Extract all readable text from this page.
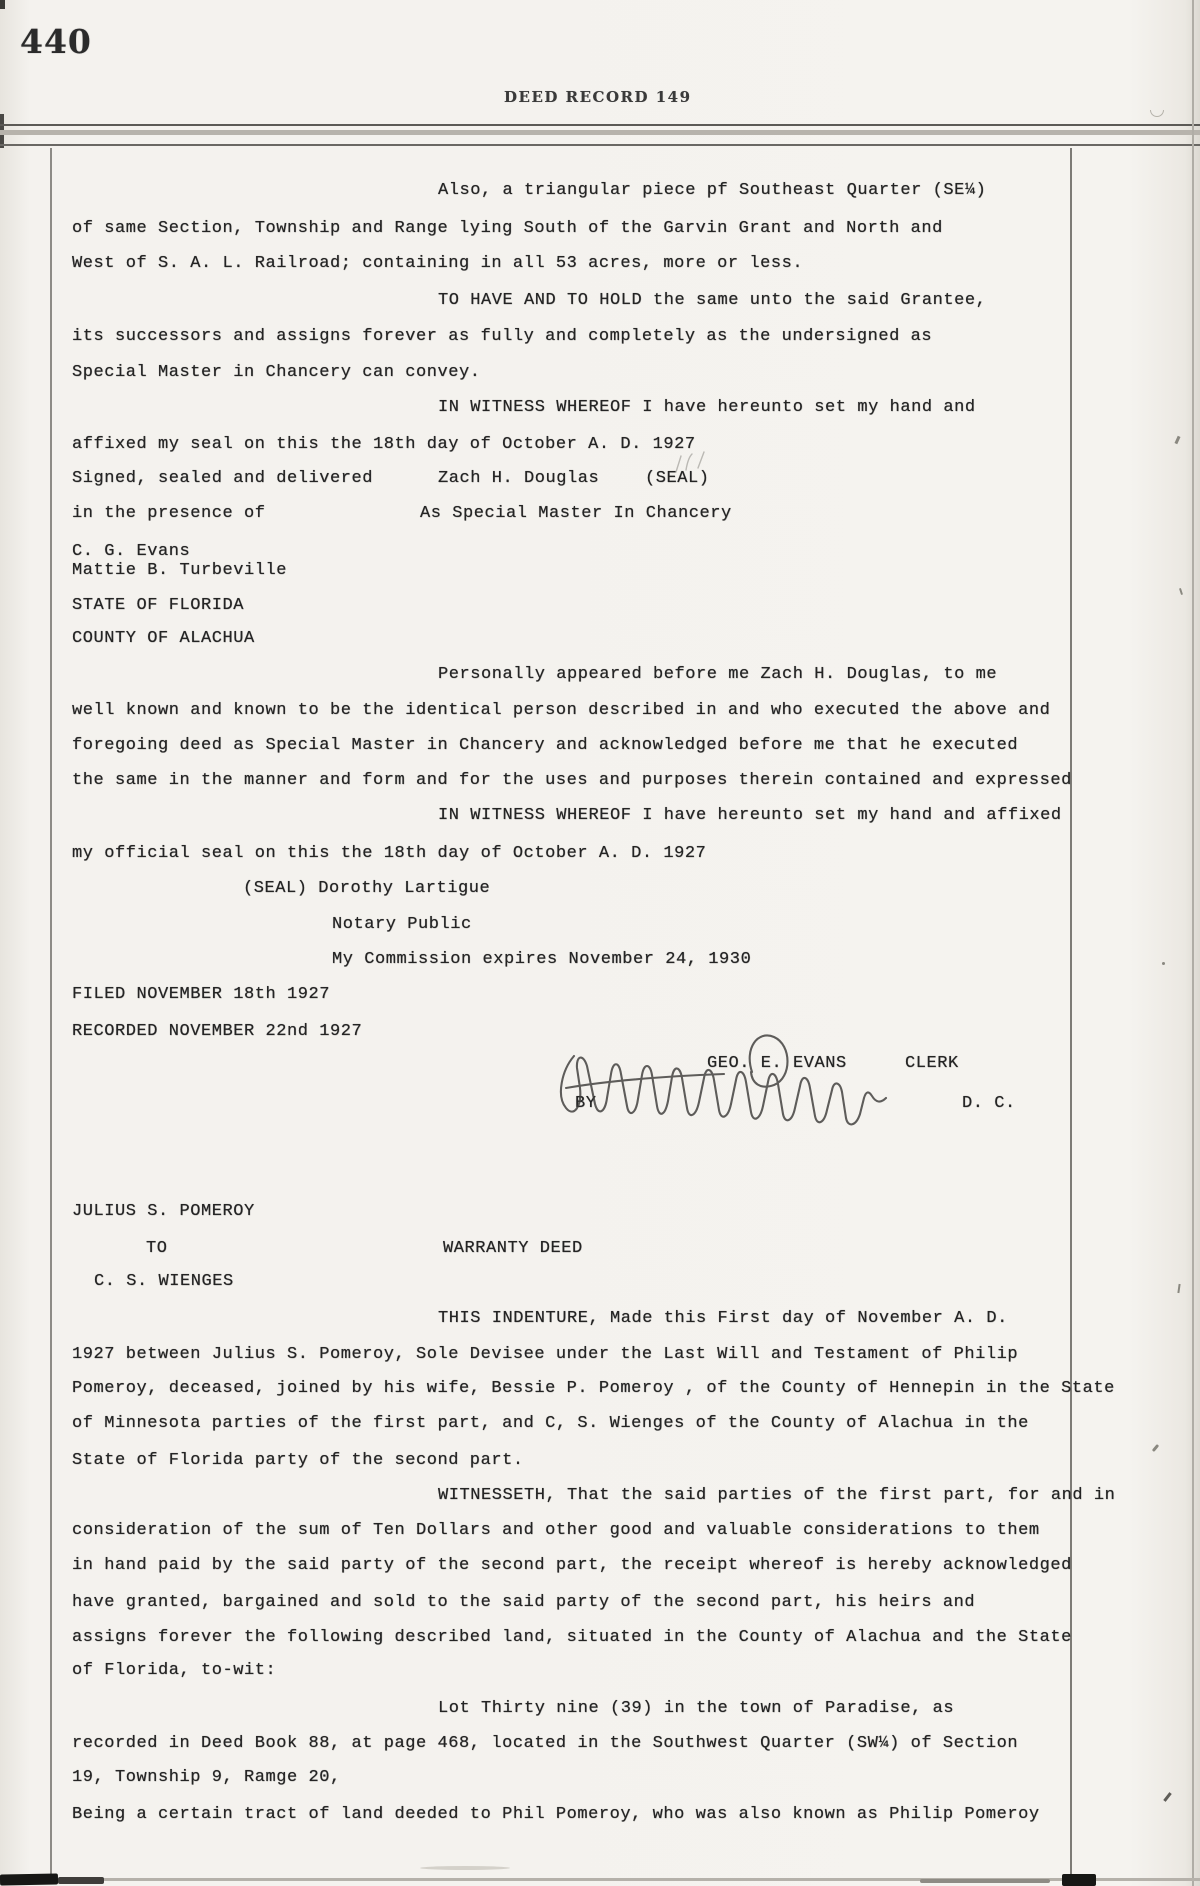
440
DEED RECORD 149
Also, a triangular piece pf Southeast Quarter (SE¼)
of same Section, Township and Range lying South of the Garvin Grant and North and
West of S. A. L. Railroad; containing in all 53 acres, more or less.
TO HAVE AND TO HOLD the same unto the said Grantee,
its successors and assigns forever as fully and completely as the undersigned as
Special Master in Chancery can convey.
IN WITNESS WHEREOF I have hereunto set my hand and
affixed my seal on this the 18th day of October A. D. 1927
Signed, sealed and delivered	Zach H. Douglas	(SEAL)
in the presence of	As Special Master In Chancery
C. G. Evans
Mattie B. Turbeville
STATE OF FLORIDA
COUNTY OF ALACHUA
Personally appeared before me Zach H. Douglas, to me
well known and known to be the identical person described in and who executed the above and
foregoing deed as Special Master in Chancery and acknowledged before me that he executed
the same in the manner and form and for the uses and purposes therein contained and expressed
IN WITNESS WHEREOF I have hereunto set my hand and affixed
my official seal on this the 18th day of October A. D. 1927
(SEAL) Dorothy Lartigue
Notary Public
My Commission expires November 24, 1930
FILED NOVEMBER 18th 1927
RECORDED NOVEMBER 22nd 1927
GEO. E. EVANS	CLERK
BY	D. C.
JULIUS S. POMEROY
TO	WARRANTY DEED
C. S. WIENGES
THIS INDENTURE, Made this First day of November A. D.
1927 between Julius S. Pomeroy, Sole Devisee under the Last Will and Testament of Philip
Pomeroy, deceased, joined by his wife, Bessie P. Pomeroy , of the County of Hennepin in the State
of Minnesota parties of the first part, and C, S. Wienges of the County of Alachua in the
State of Florida party of the second part.
WITNESSETH, That the said parties of the first part, for and in
consideration of the sum of Ten Dollars and other good and valuable considerations to them
in hand paid by the said party of the second part, the receipt whereof is hereby acknowledged
have granted, bargained and sold to the said party of the second part, his heirs and
assigns forever the following described land, situated in the County of Alachua and the State
of Florida, to-wit:
Lot Thirty nine (39) in the town of Paradise, as
recorded in Deed Book 88, at page 468, located in the Southwest Quarter (SW¼) of Section
19, Township 9, Ramge 20,
Being a certain tract of land deeded to Phil Pomeroy, who was also known as Philip Pomeroy
